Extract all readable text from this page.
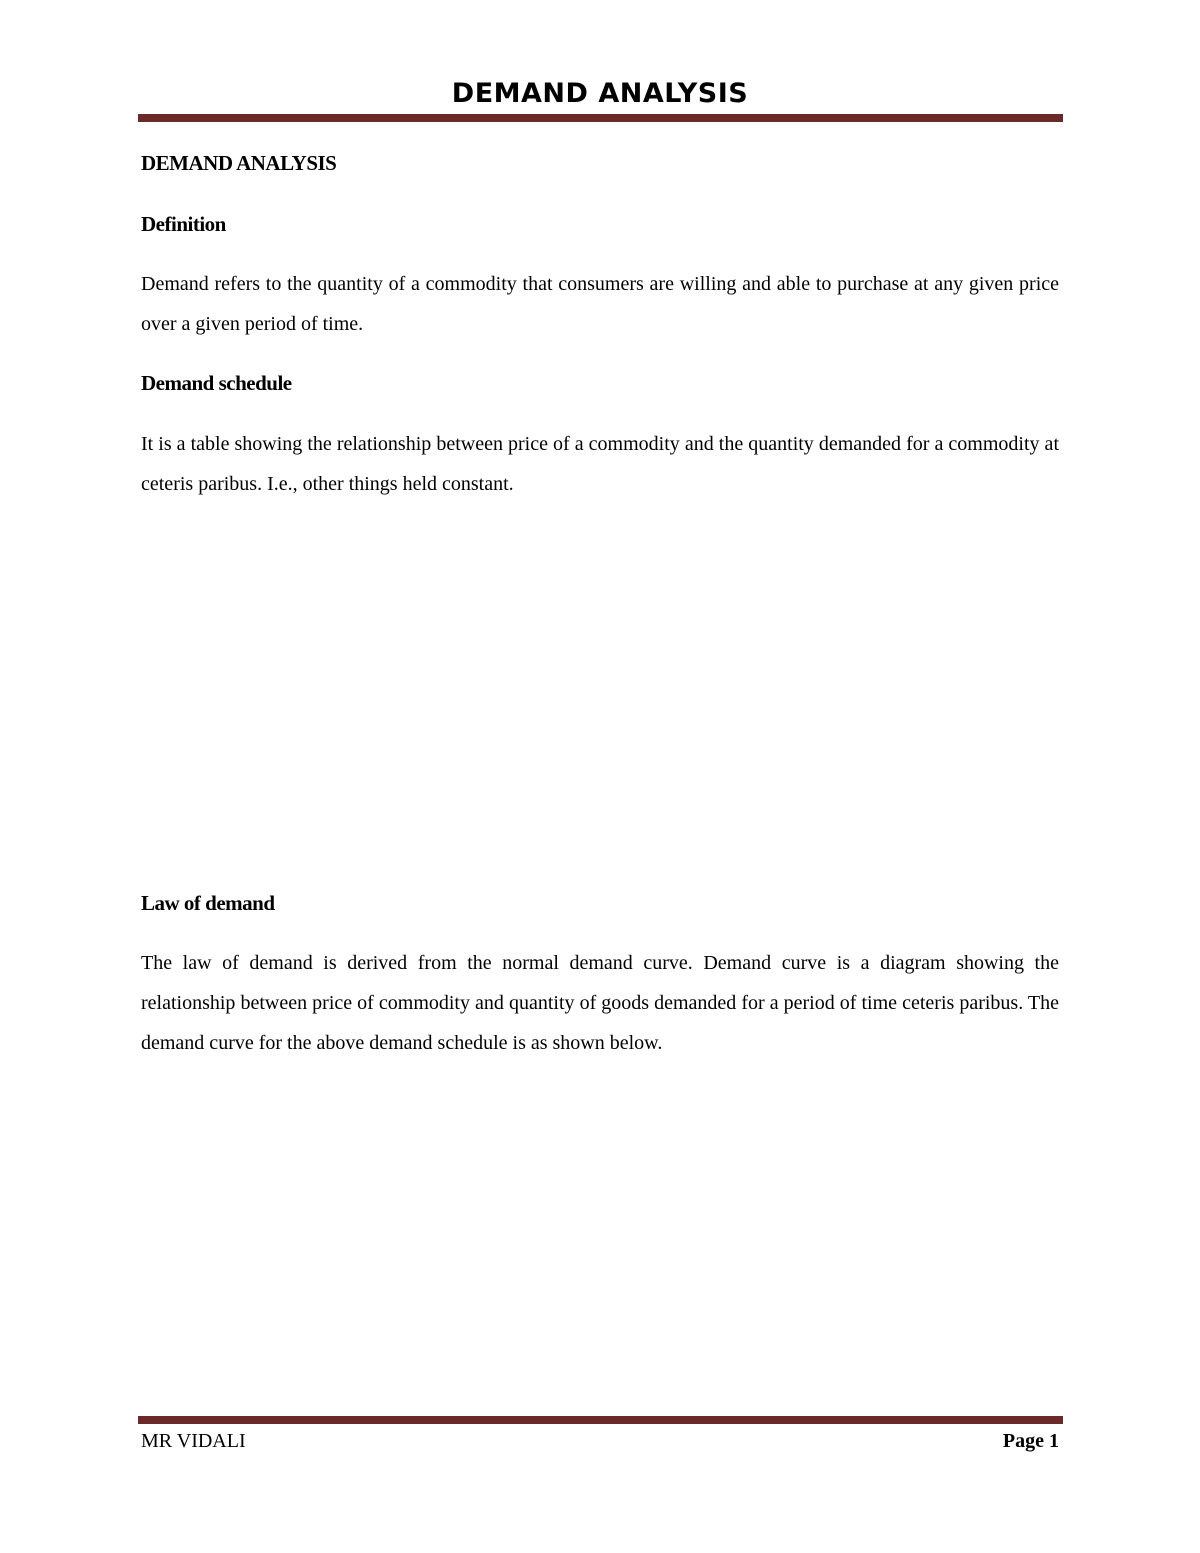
DEMAND ANALYSIS

DEMAND ANALYSIS

Definition

Demand refers to the quantity of a commodity that consumers are willing and able to purchase at any given price over a given period of time.

Demand schedule

It is a table showing the relationship between price of a commodity and the quantity demanded for a commodity at ceteris paribus. I.e., other things held constant.

Law of demand

The law of demand is derived from the normal demand curve. Demand curve is a diagram showing the relationship between price of commodity and quantity of goods demanded for a period of time ceteris paribus. The demand curve for the above demand schedule is as shown below.

MR VIDALI	Page 1
